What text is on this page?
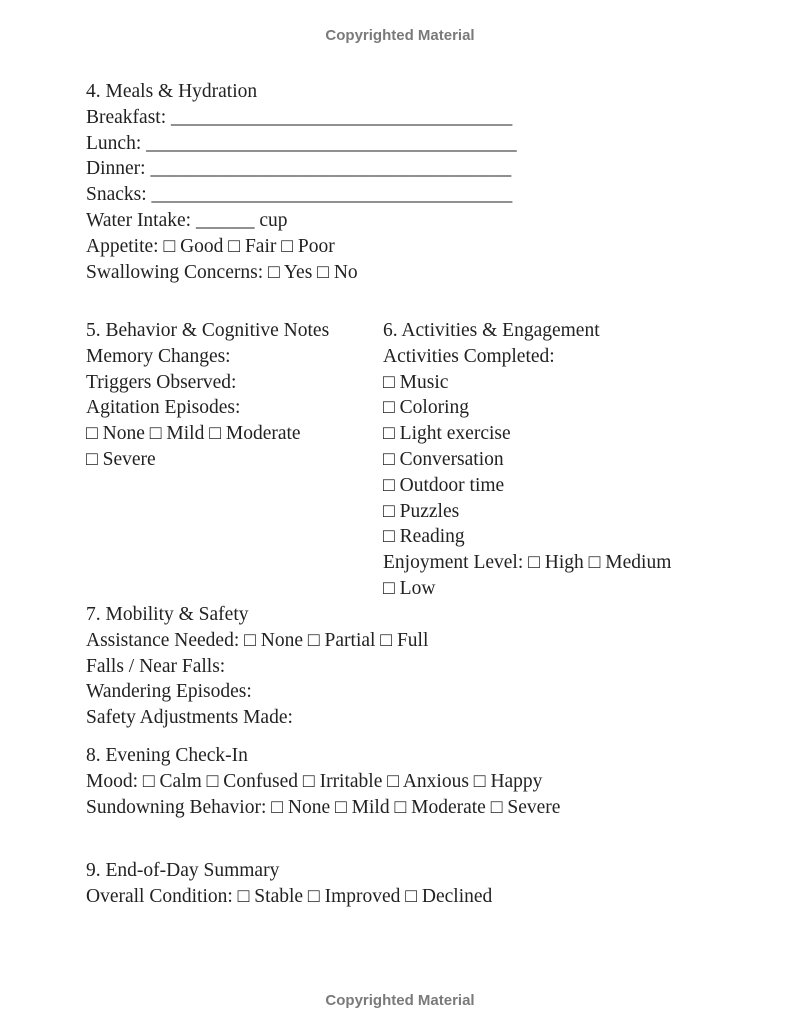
Copyrighted Material
4. Meals & Hydration
Breakfast: ___________________________________
Lunch: ______________________________________
Dinner: _____________________________________
Snacks: _____________________________________
Water Intake: ______ cup
Appetite: □ Good □ Fair □ Poor
Swallowing Concerns: □ Yes □ No
5. Behavior & Cognitive Notes
Memory Changes:
Triggers Observed:
Agitation Episodes:
□ None □ Mild □ Moderate
□ Severe
6. Activities & Engagement
Activities Completed:
□ Music
□ Coloring
□ Light exercise
□ Conversation
□ Outdoor time
□ Puzzles
□ Reading
Enjoyment Level: □ High □ Medium
□ Low
7. Mobility & Safety
Assistance Needed: □ None □ Partial □ Full
Falls / Near Falls:
Wandering Episodes:
Safety Adjustments Made:
8. Evening Check-In
Mood: □ Calm □ Confused □ Irritable □ Anxious □ Happy
Sundowning Behavior: □ None □ Mild □ Moderate □ Severe
9. End-of-Day Summary
Overall Condition: □ Stable □ Improved □ Declined
Copyrighted Material
